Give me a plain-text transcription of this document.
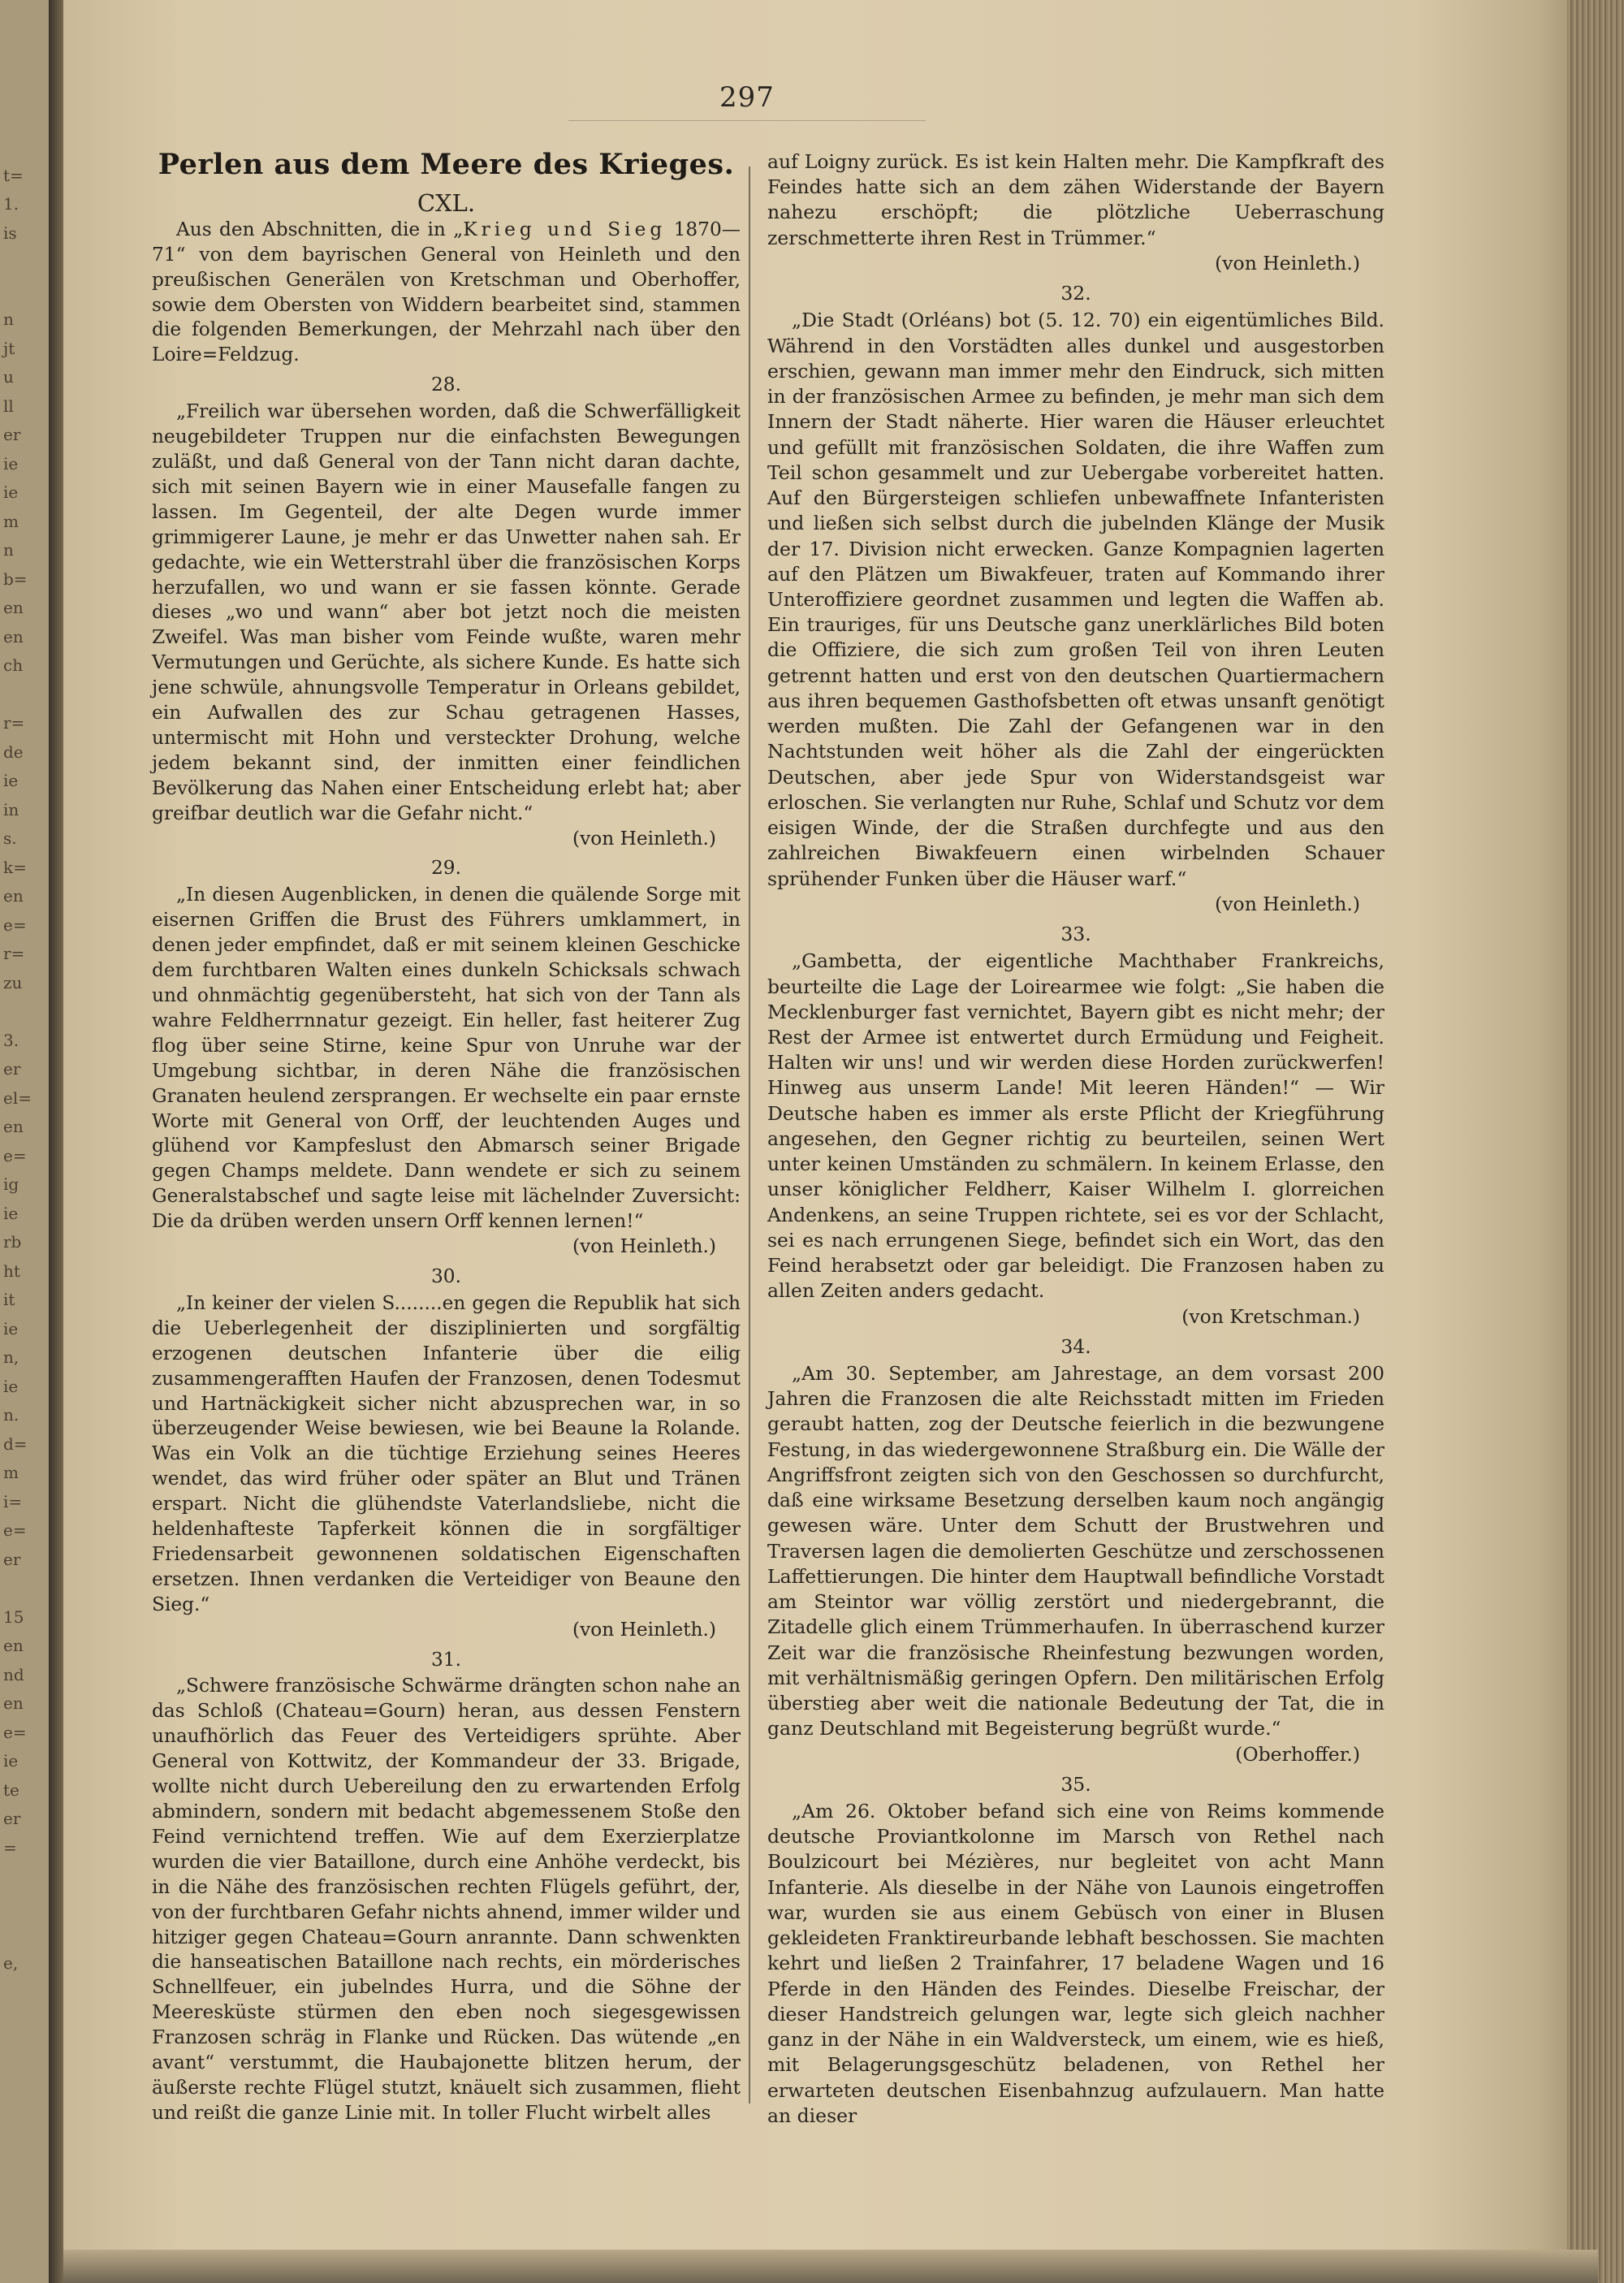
t=
1.
is
n
jt
u
ll
er
ie
ie
m
n
b=
en
en
ch
r=
de
ie
in
s.
k=
en
e=
r=
zu
3.
er
el=
en
e=
ig
ie
rb
ht
it
ie
n,
ie
n.
d=
m
i=
e=
er
15
en
nd
en
e=
ie
te
er
=
e,
297
Perlen aus dem Meere des Krieges.
CXL.

Aus den Abschnitten, die in „Krieg und Sieg 1870—71“ von dem bayrischen General von Heinleth und den preußischen Generälen von Kretschman und Oberhoffer, sowie dem Obersten von Widdern bearbeitet sind, stammen die folgenden Bemerkungen, der Mehrzahl nach über den Loire=Feldzug.

28.

„Freilich war übersehen worden, daß die Schwerfälligkeit neugebildeter Truppen nur die einfachsten Bewegungen zuläßt, und daß General von der Tann nicht daran dachte, sich mit seinen Bayern wie in einer Mausefalle fangen zu lassen. Im Gegenteil, der alte Degen wurde immer grimmigerer Laune, je mehr er das Unwetter nahen sah. Er gedachte, wie ein Wetterstrahl über die französischen Korps herzufallen, wo und wann er sie fassen könnte. Gerade dieses „wo und wann“ aber bot jetzt noch die meisten Zweifel. Was man bisher vom Feinde wußte, waren mehr Vermutungen und Gerüchte, als sichere Kunde. Es hatte sich jene schwüle, ahnungsvolle Temperatur in Orleans gebildet, ein Aufwallen des zur Schau getragenen Hasses, untermischt mit Hohn und versteckter Drohung, welche jedem bekannt sind, der inmitten einer feindlichen Bevölkerung das Nahen einer Entscheidung erlebt hat; aber greifbar deutlich war die Gefahr nicht.“
(von Heinleth.)

29.

„In diesen Augenblicken, in denen die quälende Sorge mit eisernen Griffen die Brust des Führers umklammert, in denen jeder empfindet, daß er mit seinem kleinen Geschicke dem furchtbaren Walten eines dunkeln Schicksals schwach und ohnmächtig gegenübersteht, hat sich von der Tann als wahre Feldherrnnatur gezeigt. Ein heller, fast heiterer Zug flog über seine Stirne, keine Spur von Unruhe war der Umgebung sichtbar, in deren Nähe die französischen Granaten heulend zersprangen. Er wechselte ein paar ernste Worte mit General von Orff, der leuchtenden Auges und glühend vor Kampfeslust den Abmarsch seiner Brigade gegen Champs meldete. Dann wendete er sich zu seinem Generalstabschef und sagte leise mit lächelnder Zuversicht: Die da drüben werden unsern Orff kennen lernen!“
(von Heinleth.)

30.

„In keiner der vielen S........en gegen die Republik hat sich die Ueberlegenheit der disziplinierten und sorgfältig erzogenen deutschen Infanterie über die eilig zusammengerafften Haufen der Franzosen, denen Todesmut und Hartnäckigkeit sicher nicht abzusprechen war, in so überzeugender Weise bewiesen, wie bei Beaune la Rolande. Was ein Volk an die tüchtige Erziehung seines Heeres wendet, das wird früher oder später an Blut und Tränen erspart. Nicht die glühendste Vaterlandsliebe, nicht die heldenhafteste Tapferkeit können die in sorgfältiger Friedensarbeit gewonnenen soldatischen Eigenschaften ersetzen. Ihnen verdanken die Verteidiger von Beaune den Sieg.“
(von Heinleth.)

31.

„Schwere französische Schwärme drängten schon nahe an das Schloß (Chateau=Gourn) heran, aus dessen Fenstern unaufhörlich das Feuer des Verteidigers sprühte. Aber General von Kottwitz, der Kommandeur der 33. Brigade, wollte nicht durch Uebereilung den zu erwartenden Erfolg abmindern, sondern mit bedacht abgemessenem Stoße den Feind vernichtend treffen. Wie auf dem Exerzierplatze wurden die vier Bataillone, durch eine Anhöhe verdeckt, bis in die Nähe des französischen rechten Flügels geführt, der, von der furchtbaren Gefahr nichts ahnend, immer wilder und hitziger gegen Chateau=Gourn anrannte. Dann schwenkten die hanseatischen Bataillone nach rechts, ein mörderisches Schnellfeuer, ein jubelndes Hurra, und die Söhne der Meeresküste stürmen den eben noch siegesgewissen Franzosen schräg in Flanke und Rücken. Das wütende „en avant“ verstummt, die Haubajonette blitzen herum, der äußerste rechte Flügel stutzt, knäuelt sich zusammen, flieht und reißt die ganze Linie mit. In toller Flucht wirbelt alles

auf Loigny zurück. Es ist kein Halten mehr. Die Kampfkraft des Feindes hatte sich an dem zähen Widerstande der Bayern nahezu erschöpft; die plötzliche Ueberraschung zerschmetterte ihren Rest in Trümmer.“
(von Heinleth.)

32.

„Die Stadt (Orléans) bot (5. 12. 70) ein eigentümliches Bild. Während in den Vorstädten alles dunkel und ausgestorben erschien, gewann man immer mehr den Eindruck, sich mitten in der französischen Armee zu befinden, je mehr man sich dem Innern der Stadt näherte. Hier waren die Häuser erleuchtet und gefüllt mit französischen Soldaten, die ihre Waffen zum Teil schon gesammelt und zur Uebergabe vorbereitet hatten. Auf den Bürgersteigen schliefen unbewaffnete Infanteristen und ließen sich selbst durch die jubelnden Klänge der Musik der 17. Division nicht erwecken. Ganze Kompagnien lagerten auf den Plätzen um Biwakfeuer, traten auf Kommando ihrer Unteroffiziere geordnet zusammen und legten die Waffen ab. Ein trauriges, für uns Deutsche ganz unerklärliches Bild boten die Offiziere, die sich zum großen Teil von ihren Leuten getrennt hatten und erst von den deutschen Quartiermachern aus ihren bequemen Gasthofsbetten oft etwas unsanft genötigt werden mußten. Die Zahl der Gefangenen war in den Nachtstunden weit höher als die Zahl der eingerückten Deutschen, aber jede Spur von Widerstandsgeist war erloschen. Sie verlangten nur Ruhe, Schlaf und Schutz vor dem eisigen Winde, der die Straßen durchfegte und aus den zahlreichen Biwakfeuern einen wirbelnden Schauer sprühender Funken über die Häuser warf.“
(von Heinleth.)

33.

„Gambetta, der eigentliche Machthaber Frankreichs, beurteilte die Lage der Loirearmee wie folgt: „Sie haben die Mecklenburger fast vernichtet, Bayern gibt es nicht mehr; der Rest der Armee ist entwertet durch Ermüdung und Feigheit. Halten wir uns! und wir werden diese Horden zurückwerfen! Hinweg aus unserm Lande! Mit leeren Händen!“ — Wir Deutsche haben es immer als erste Pflicht der Kriegführung angesehen, den Gegner richtig zu beurteilen, seinen Wert unter keinen Umständen zu schmälern. In keinem Erlasse, den unser königlicher Feldherr, Kaiser Wilhelm I. glorreichen Andenkens, an seine Truppen richtete, sei es vor der Schlacht, sei es nach errungenen Siege, befindet sich ein Wort, das den Feind herabsetzt oder gar beleidigt. Die Franzosen haben zu allen Zeiten anders gedacht.
(von Kretschman.)

34.

„Am 30. September, am Jahrestage, an dem vorsast 200 Jahren die Franzosen die alte Reichsstadt mitten im Frieden geraubt hatten, zog der Deutsche feierlich in die bezwungene Festung, in das wiedergewonnene Straßburg ein. Die Wälle der Angriffsfront zeigten sich von den Geschossen so durchfurcht, daß eine wirksame Besetzung derselben kaum noch angängig gewesen wäre. Unter dem Schutt der Brustwehren und Traversen lagen die demolierten Geschütze und zerschossenen Laffettierungen. Die hinter dem Hauptwall befindliche Vorstadt am Steintor war völlig zerstört und niedergebrannt, die Zitadelle glich einem Trümmerhaufen. In überraschend kurzer Zeit war die französische Rheinfestung bezwungen worden, mit verhältnismäßig geringen Opfern. Den militärischen Erfolg überstieg aber weit die nationale Bedeutung der Tat, die in ganz Deutschland mit Begeisterung begrüßt wurde.“
(Oberhoffer.)

35.

„Am 26. Oktober befand sich eine von Reims kommende deutsche Proviantkolonne im Marsch von Rethel nach Boulzicourt bei Mézières, nur begleitet von acht Mann Infanterie. Als dieselbe in der Nähe von Launois eingetroffen war, wurden sie aus einem Gebüsch von einer in Blusen gekleideten Franktireurbande lebhaft beschossen. Sie machten kehrt und ließen 2 Trainfahrer, 17 beladene Wagen und 16 Pferde in den Händen des Feindes. Dieselbe Freischar, der dieser Handstreich gelungen war, legte sich gleich nachher ganz in der Nähe in ein Waldversteck, um einem, wie es hieß, mit Belagerungsgeschütz beladenen, von Rethel her erwarteten deutschen Eisenbahnzug aufzulauern. Man hatte an dieser
